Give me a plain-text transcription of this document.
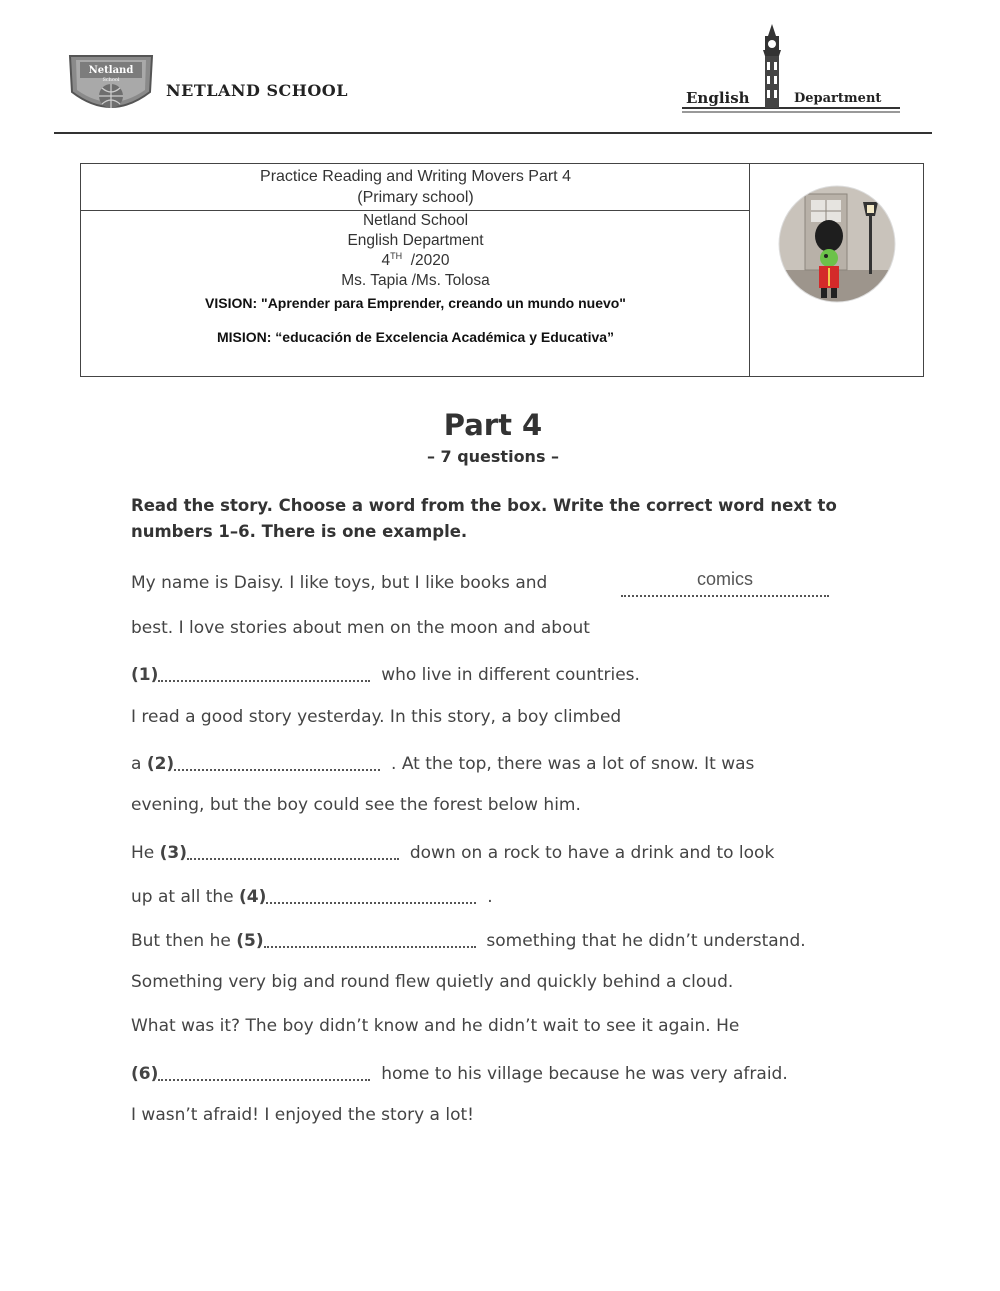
Netland
School
NETLAND SCHOOL	English	Department
Practice Reading and Writing Movers Part 4
(Primary school)
Netland School
English Department
4TH /2020
Ms. Tapia /Ms. Tolosa
VISION: "Aprender para Emprender, creando un mundo nuevo"
MISION: “educación de Excelencia Académica y Educativa”
Part 4
– 7 questions –
Read the story. Choose a word from the box. Write the correct word next to numbers 1–6. There is one example.
My name is Daisy. I like toys, but I like books and	comics
best. I love stories about men on the moon and about
(1)	who live in different countries.
I read a good story yesterday. In this story, a boy climbed
a (2)	. At the top, there was a lot of snow. It was
evening, but the boy could see the forest below him.
He (3)	down on a rock to have a drink and to look
up at all the (4)	.
But then he (5)	something that he didn’t understand.
Something very big and round flew quietly and quickly behind a cloud.
What was it? The boy didn’t know and he didn’t wait to see it again. He
(6)	home to his village because he was very afraid.
I wasn’t afraid! I enjoyed the story a lot!
